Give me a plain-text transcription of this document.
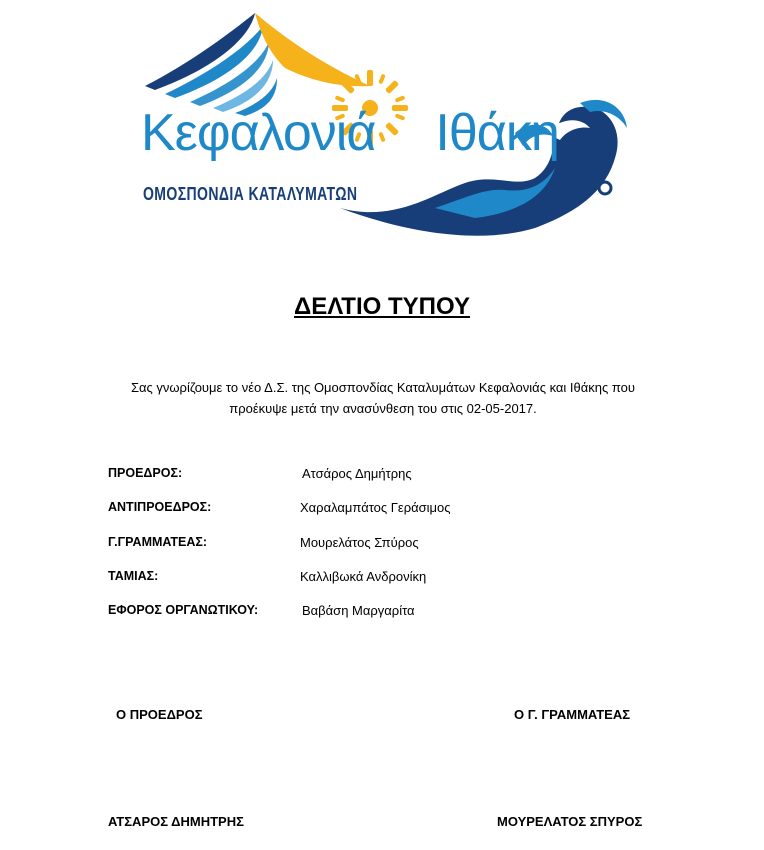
Κεφαλονιά Ιθάκη
ΟΜΟΣΠΟΝΔΙΑ ΚΑΤΑΛΥΜΑΤΩΝ
ΔΕΛΤΙΟ ΤΥΠΟΥ
Σας γνωρίζουμε το νέο Δ.Σ. της Ομοσπονδίας Καταλυμάτων Κεφαλονιάς και Ιθάκης που
προέκυψε μετά την ανασύνθεση του στις 02-05-2017.
ΠΡΟΕΔΡΟΣ:	Ατσάρος Δημήτρης
ΑΝΤΙΠΡΟΕΔΡΟΣ:	Χαραλαμπάτος Γεράσιμος
Γ.ΓΡΑΜΜΑΤΕΑΣ:	Μουρελάτος Σπύρος
ΤΑΜΙΑΣ:	Καλλιβωκά Ανδρονίκη
ΕΦΟΡΟΣ ΟΡΓΑΝΩΤΙΚΟΥ:	Βαβάση Μαργαρίτα
Ο ΠΡΟΕΔΡΟΣ	Ο Γ. ΓΡΑΜΜΑΤΕΑΣ
ΑΤΣΑΡΟΣ ΔΗΜΗΤΡΗΣ	ΜΟΥΡΕΛΑΤΟΣ ΣΠΥΡΟΣ
